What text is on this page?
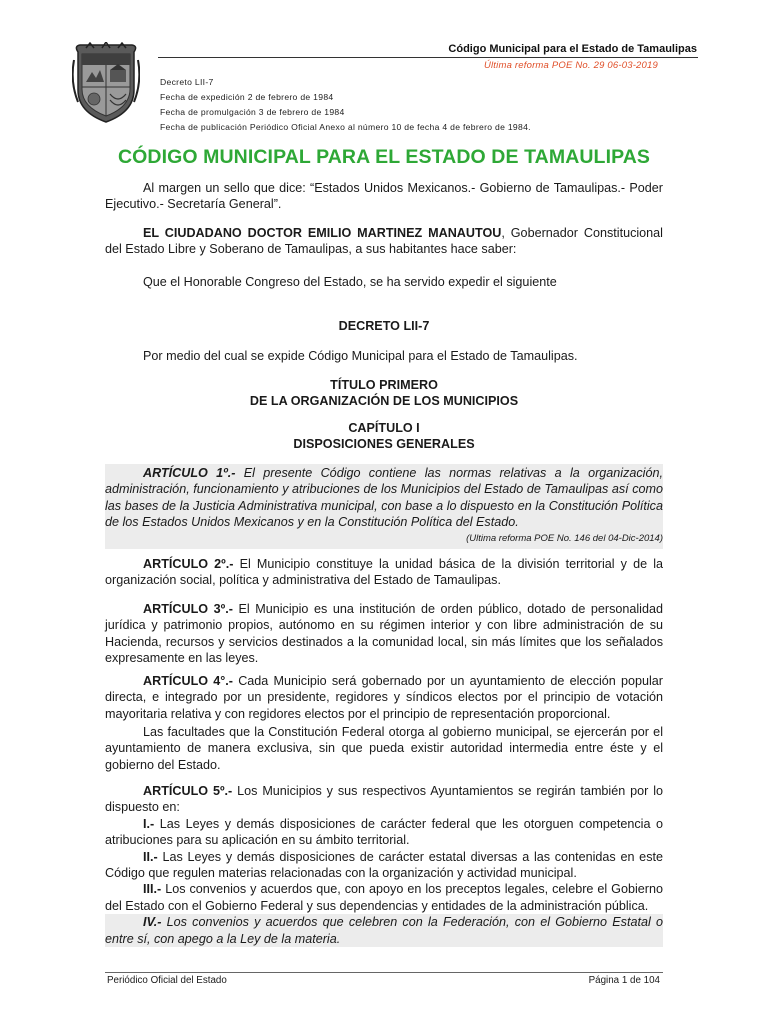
Código Municipal para el Estado de Tamaulipas
Última reforma POE No. 29 06-03-2019
Decreto LII-7
Fecha de expedición 2 de febrero de 1984
Fecha de promulgación 3 de febrero de 1984
Fecha de publicación Periódico Oficial Anexo al número 10 de fecha 4 de febrero de 1984.
CÓDIGO MUNICIPAL PARA EL ESTADO DE TAMAULIPAS
Al margen un sello que dice: “Estados Unidos Mexicanos.- Gobierno de Tamaulipas.- Poder Ejecutivo.- Secretaría General”.
EL CIUDADANO DOCTOR EMILIO MARTINEZ MANAUTOU, Gobernador Constitucional del Estado Libre y Soberano de Tamaulipas, a sus habitantes hace saber:
Que el Honorable Congreso del Estado, se ha servido expedir el siguiente
DECRETO LII-7
Por medio del cual se expide Código Municipal para el Estado de Tamaulipas.
TÍTULO PRIMERO
DE LA ORGANIZACIÓN DE LOS MUNICIPIOS
CAPÍTULO I
DISPOSICIONES GENERALES
ARTÍCULO 1º.- El presente Código contiene las normas relativas a la organización, administración, funcionamiento y atribuciones de los Municipios del Estado de Tamaulipas así como las bases de la Justicia Administrativa municipal, con base a lo dispuesto en la Constitución Política de los Estados Unidos Mexicanos y en la Constitución Política del Estado.
(Ultima reforma POE No. 146 del 04-Dic-2014)
ARTÍCULO 2º.- El Municipio constituye la unidad básica de la división territorial y de la organización social, política y administrativa del Estado de Tamaulipas.
ARTÍCULO 3º.- El Municipio es una institución de orden público, dotado de personalidad jurídica y patrimonio propios, autónomo en su régimen interior y con libre administración de su Hacienda, recursos y servicios destinados a la comunidad local, sin más límites que los señalados expresamente en las leyes.
ARTÍCULO 4°.- Cada Municipio será gobernado por un ayuntamiento de elección popular directa, e integrado por un presidente, regidores y síndicos electos por el principio de votación mayoritaria relativa y con regidores electos por el principio de representación proporcional.
Las facultades que la Constitución Federal otorga al gobierno municipal, se ejercerán por el ayuntamiento de manera exclusiva, sin que pueda existir autoridad intermedia entre éste y el gobierno del Estado.
ARTÍCULO 5º.- Los Municipios y sus respectivos Ayuntamientos se regirán también por lo dispuesto en:
I.- Las Leyes y demás disposiciones de carácter federal que les otorguen competencia o atribuciones para su aplicación en su ámbito territorial.
II.- Las Leyes y demás disposiciones de carácter estatal diversas a las contenidas en este Código que regulen materias relacionadas con la organización y actividad municipal.
III.- Los convenios y acuerdos que, con apoyo en los preceptos legales, celebre el Gobierno del Estado con el Gobierno Federal y sus dependencias y entidades de la administración pública.
IV.- Los convenios y acuerdos que celebren con la Federación, con el Gobierno Estatal o entre sí, con apego a la Ley de la materia.
Periódico Oficial del Estado	Página 1 de 104
